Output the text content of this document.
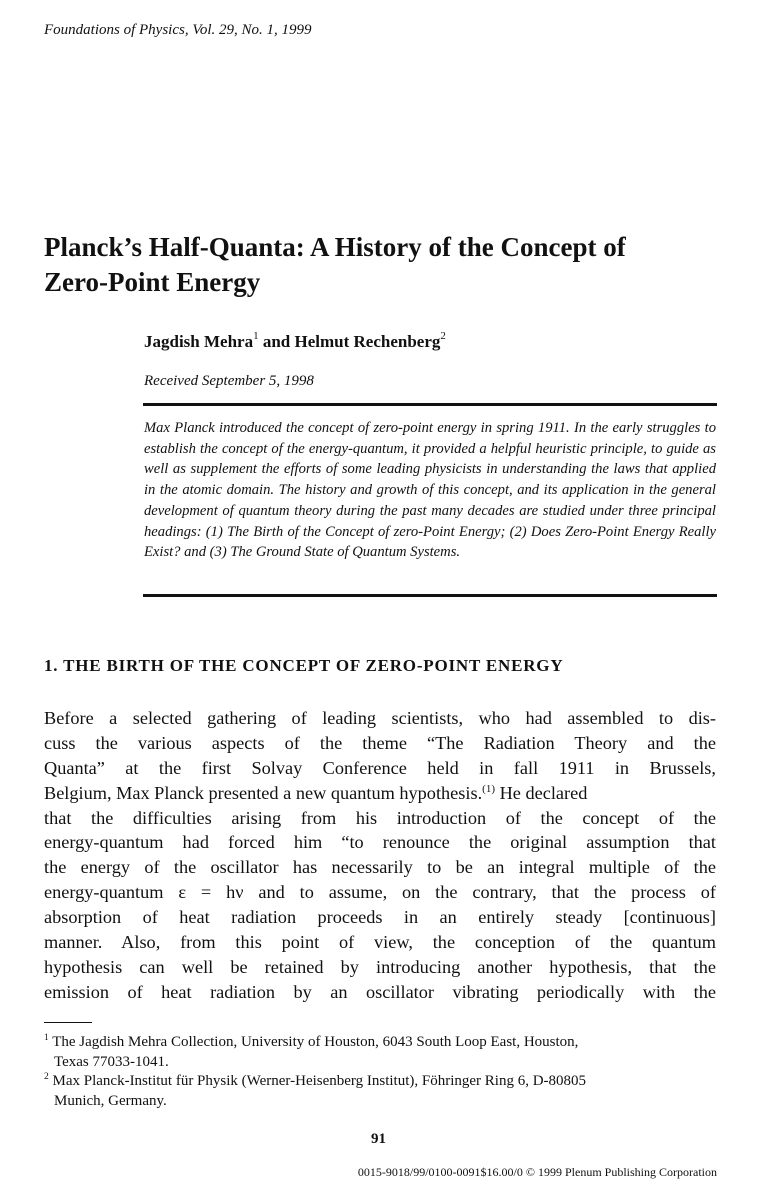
Foundations of Physics, Vol. 29, No. 1, 1999
Planck’s Half-Quanta: A History of the Concept of
Zero-Point Energy
Jagdish Mehra$^1$ and Helmut Rechenberg$^2$
Received September 5, 1998
Max Planck introduced the concept of zero-point energy in spring 1911. In the early struggles to establish the concept of the energy-quantum, it provided a helpful heuristic principle, to guide as well as supplement the efforts of some leading physicists in understanding the laws that applied in the atomic domain. The history and growth of this concept, and its application in the general development of quantum theory during the past many decades are studied under three principal headings: (1) The Birth of the Concept of zero-Point Energy; (2) Does Zero-Point Energy Really Exist? and (3) The Ground State of Quantum Systems.
1. THE BIRTH OF THE CONCEPT OF ZERO-POINT ENERGY
Before a selected gathering of leading scientists, who had assembled to dis-
cuss the various aspects of the theme “The Radiation Theory and the
Quanta” at the first Solvay Conference held in fall 1911 in Brussels,
Belgium, Max Planck presented a new quantum hypothesis.$^{(1)}$ He declared
that the difficulties arising from his introduction of the concept of the
energy-quantum had forced him “to renounce the original assumption that
the energy of the oscillator has necessarily to be an integral multiple of the
energy-quantum ε = hν and to assume, on the contrary, that the process of
absorption of heat radiation proceeds in an entirely steady [continuous]
manner. Also, from this point of view, the conception of the quantum
hypothesis can well be retained by introducing another hypothesis, that the
emission of heat radiation by an oscillator vibrating periodically with the
$^1$ The Jagdish Mehra Collection, University of Houston, 6043 South Loop East, Houston,
Texas 77033-1041.
$^2$ Max Planck-Institut für Physik (Werner-Heisenberg Institut), Föhringer Ring 6, D-80805
Munich, Germany.
91
0015-9018/99/0100-0091$16.00/0 © 1999 Plenum Publishing Corporation
